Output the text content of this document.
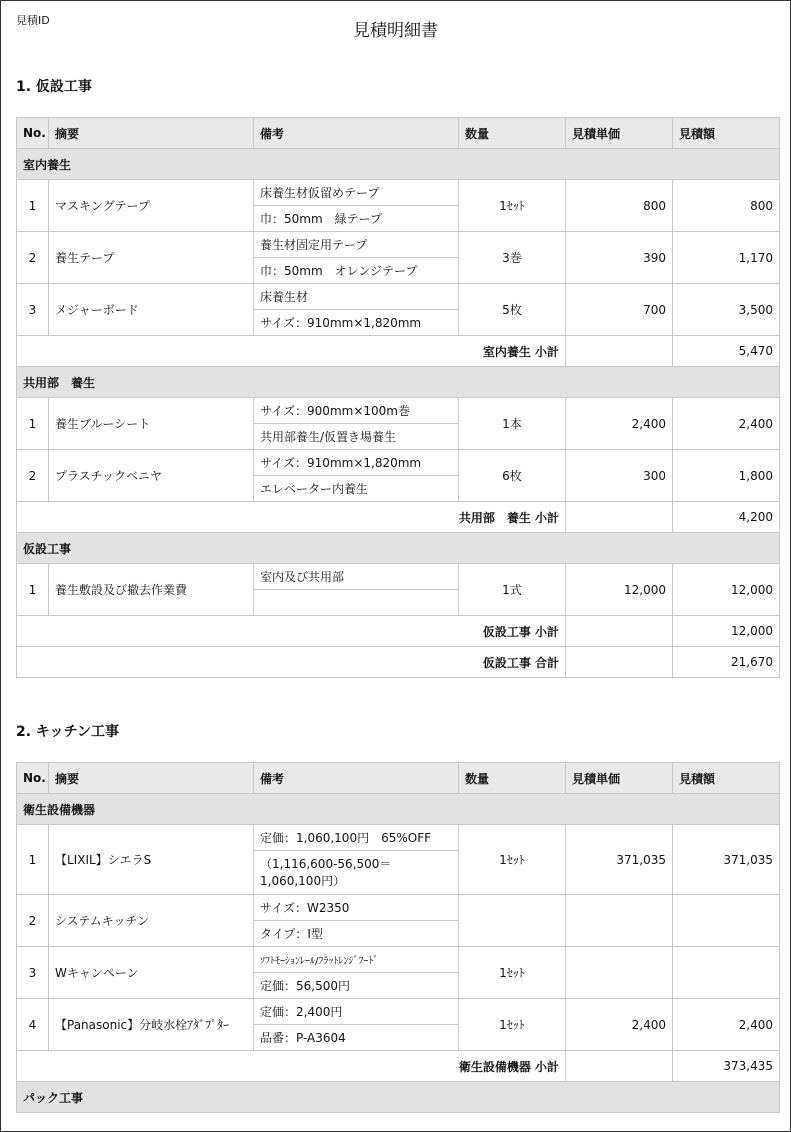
見積ID
見積明細書
1. 仮設工事
No.	摘要	備考	数量	見積単価	見積額
室内養生					
1	マスキングテープ	床養生材仮留めテープ	1ｾｯﾄ	800	800
		巾：50mm　緑テープ			
2	養生テープ	養生材固定用テープ	3巻	390	1,170
		巾：50mm　オレンジテープ			
3	メジャーボード	床養生材	5枚	700	3,500
		サイズ：910mm×1,820mm			
室内養生 小計					5,470
共用部　養生					
1	養生ブルーシート	サイズ：900mm×100m巻	1本	2,400	2,400
		共用部養生/仮置き場養生			
2	プラスチックベニヤ	サイズ：910mm×1,820mm	6枚	300	1,800
		エレベーター内養生			
共用部　養生 小計					4,200
仮設工事					
1	養生敷設及び撤去作業費	室内及び共用部	1式	12,000	12,000

仮設工事 小計					12,000
仮設工事 合計					21,670
2. キッチン工事
No.	摘要	備考	数量	見積単価	見積額
衛生設備機器					
1	【LIXIL】シエラS	定価：1,060,100円　65%OFF	1ｾｯﾄ	371,035	371,035
		（1,116,600-56,500＝1,060,100円）			
2	システムキッチン	サイズ：W2350			
		タイプ：I型			
3	Wキャンペーン	ｿﾌﾄﾓｰｼｮﾝﾚｰﾙ/ﾌﾗｯﾄﾚﾝｼﾞﾌｰﾄﾞ	1ｾｯﾄ		
		定価：56,500円			
4	【Panasonic】分岐水栓ｱﾀﾞﾌﾟﾀｰ	定価：2,400円	1ｾｯﾄ	2,400	2,400
		品番：P-A3604			
衛生設備機器 小計					373,435
パック工事					
